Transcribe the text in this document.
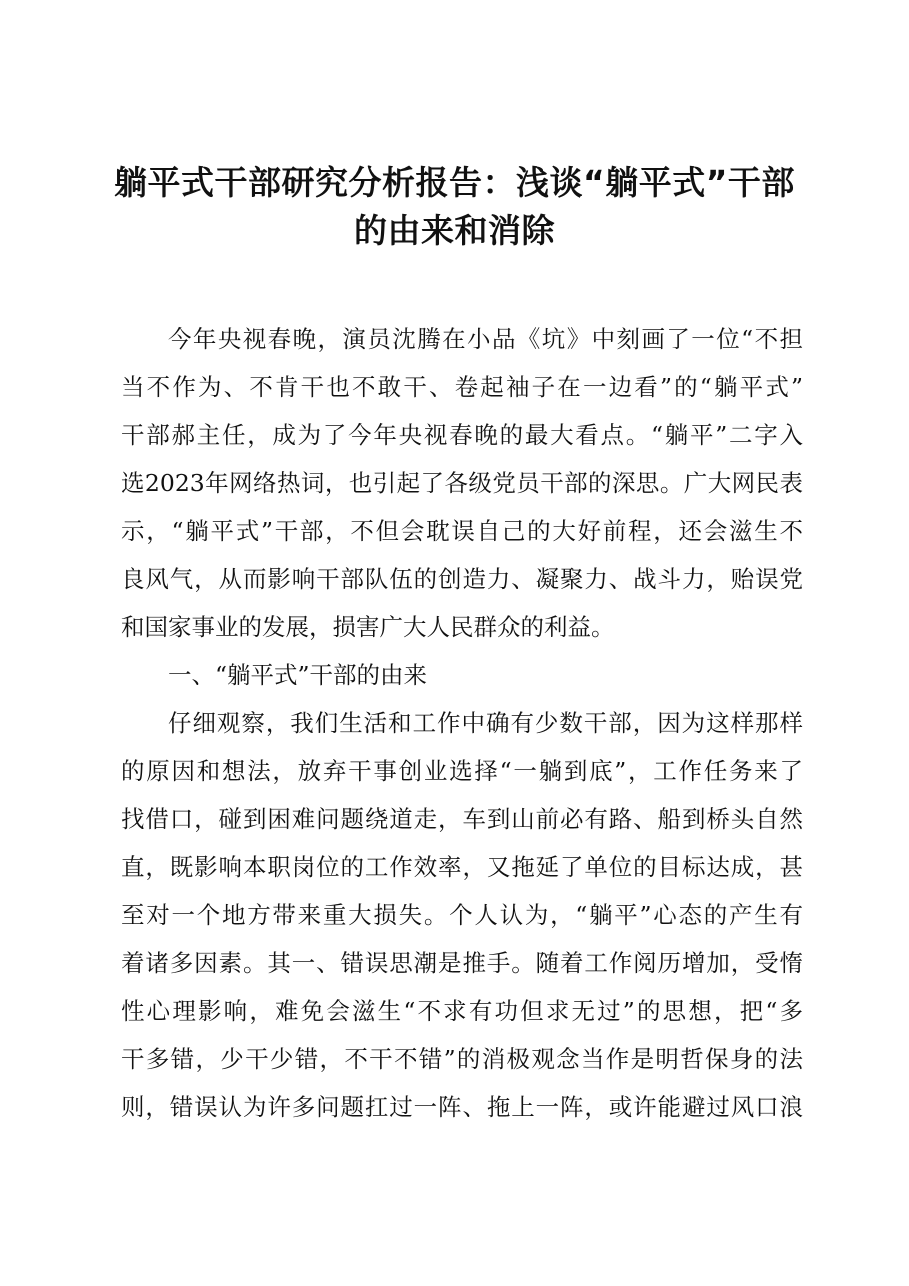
躺平式干部研究分析报告：浅谈“躺平式”干部
的由来和消除
今年央视春晚，演员沈腾在小品《坑》中刻画了一位“不担
当不作为、不肯干也不敢干、卷起袖子在一边看”的“躺平式”
干部郝主任，成为了今年央视春晚的最大看点。“躺平”二字入
选2023年网络热词，也引起了各级党员干部的深思。广大网民表
示，“躺平式”干部，不但会耽误自己的大好前程，还会滋生不
良风气，从而影响干部队伍的创造力、凝聚力、战斗力，贻误党
和国家事业的发展，损害广大人民群众的利益。
一、“躺平式”干部的由来
仔细观察，我们生活和工作中确有少数干部，因为这样那样
的原因和想法，放弃干事创业选择“一躺到底”，工作任务来了
找借口，碰到困难问题绕道走，车到山前必有路、船到桥头自然
直，既影响本职岗位的工作效率，又拖延了单位的目标达成，甚
至对一个地方带来重大损失。个人认为，“躺平”心态的产生有
着诸多因素。其一、错误思潮是推手。随着工作阅历增加，受惰
性心理影响，难免会滋生“不求有功但求无过”的思想，把“多
干多错，少干少错，不干不错”的消极观念当作是明哲保身的法
则，错误认为许多问题扛过一阵、拖上一阵，或许能避过风口浪
